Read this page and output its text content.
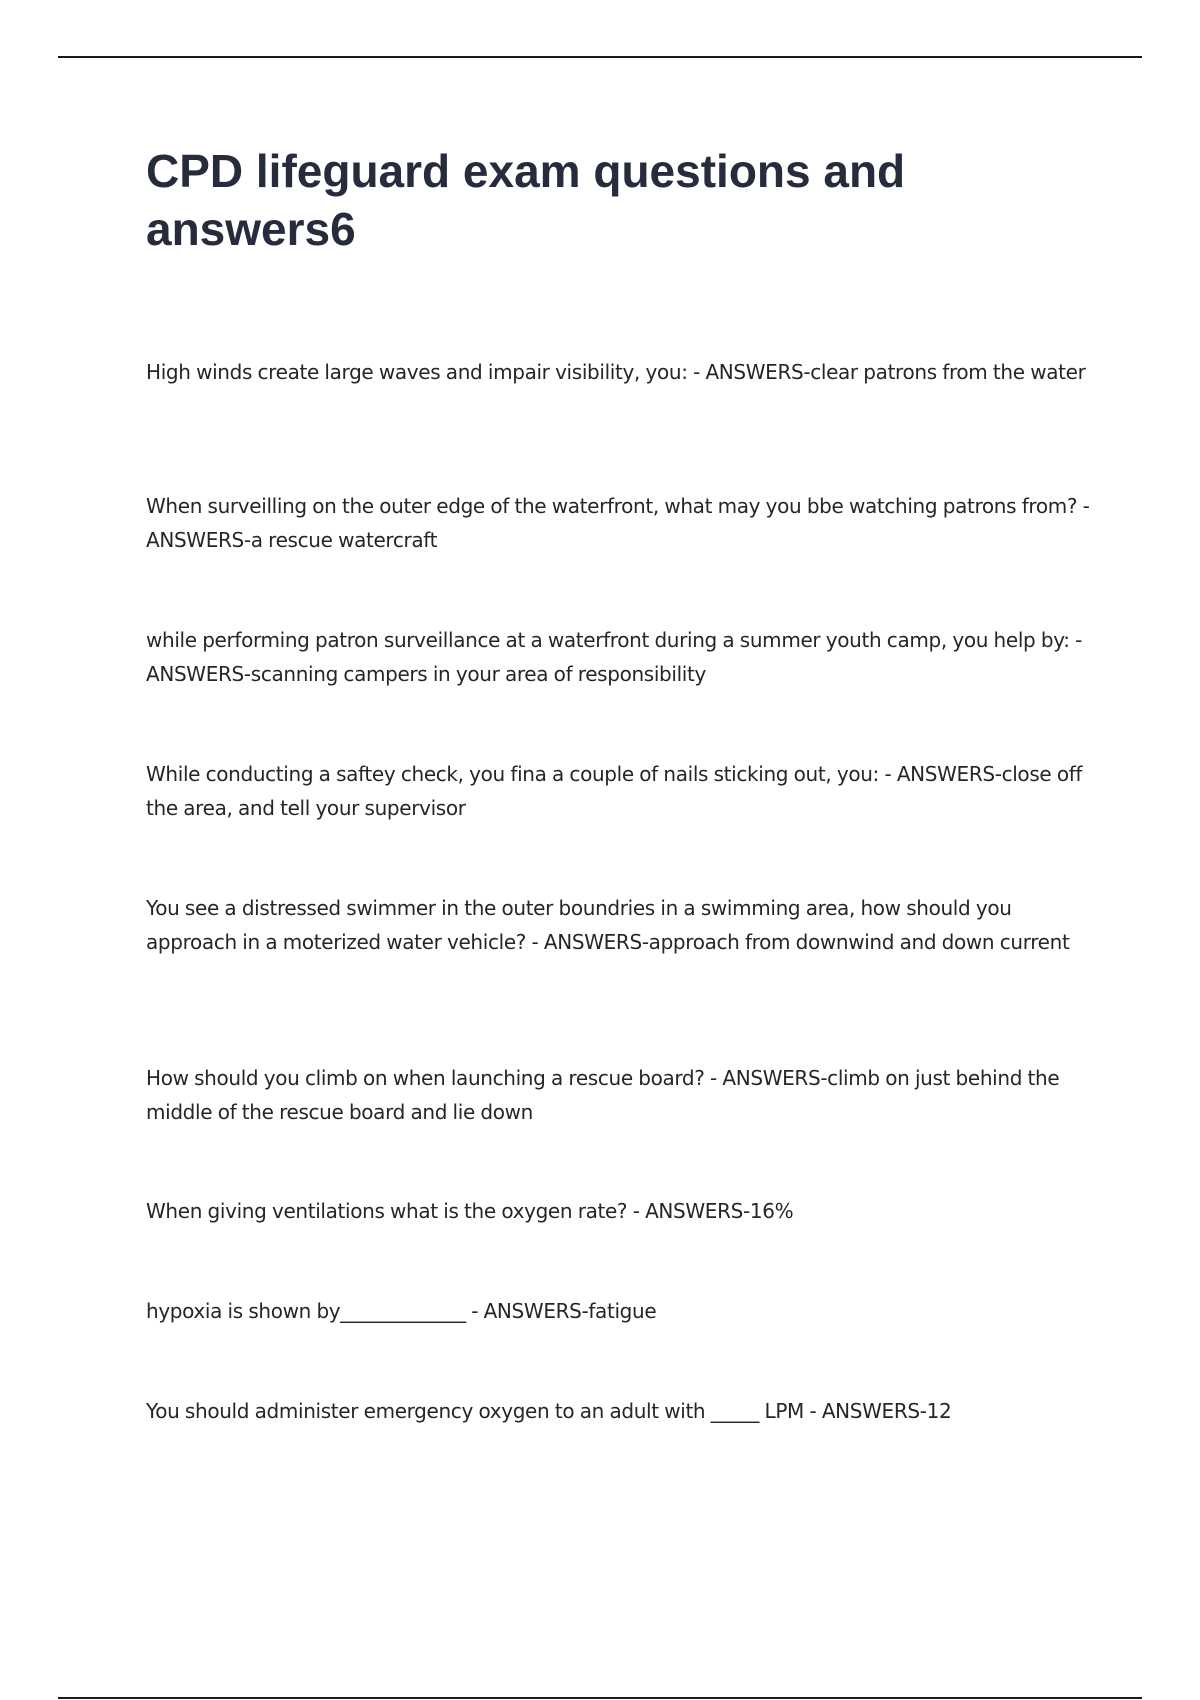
CPD lifeguard exam questions and answers6

High winds create large waves and impair visibility, you: - ANSWERS-clear patrons from the water

When surveilling on the outer edge of the waterfront, what may you bbe watching patrons from? - ANSWERS-a rescue watercraft

while performing patron surveillance at a waterfront during a summer youth camp, you help by: - ANSWERS-scanning campers in your area of responsibility

While conducting a saftey check, you fina a couple of nails sticking out, you: - ANSWERS-close off the area, and tell your supervisor

You see a distressed swimmer in the outer boundries in a swimming area, how should you approach in a moterized water vehicle? - ANSWERS-approach from downwind and down current

How should you climb on when launching a rescue board? - ANSWERS-climb on just behind the middle of the rescue board and lie down

When giving ventilations what is the oxygen rate? - ANSWERS-16%

hypoxia is shown by_____________ - ANSWERS-fatigue

You should administer emergency oxygen to an adult with _____ LPM - ANSWERS-12
